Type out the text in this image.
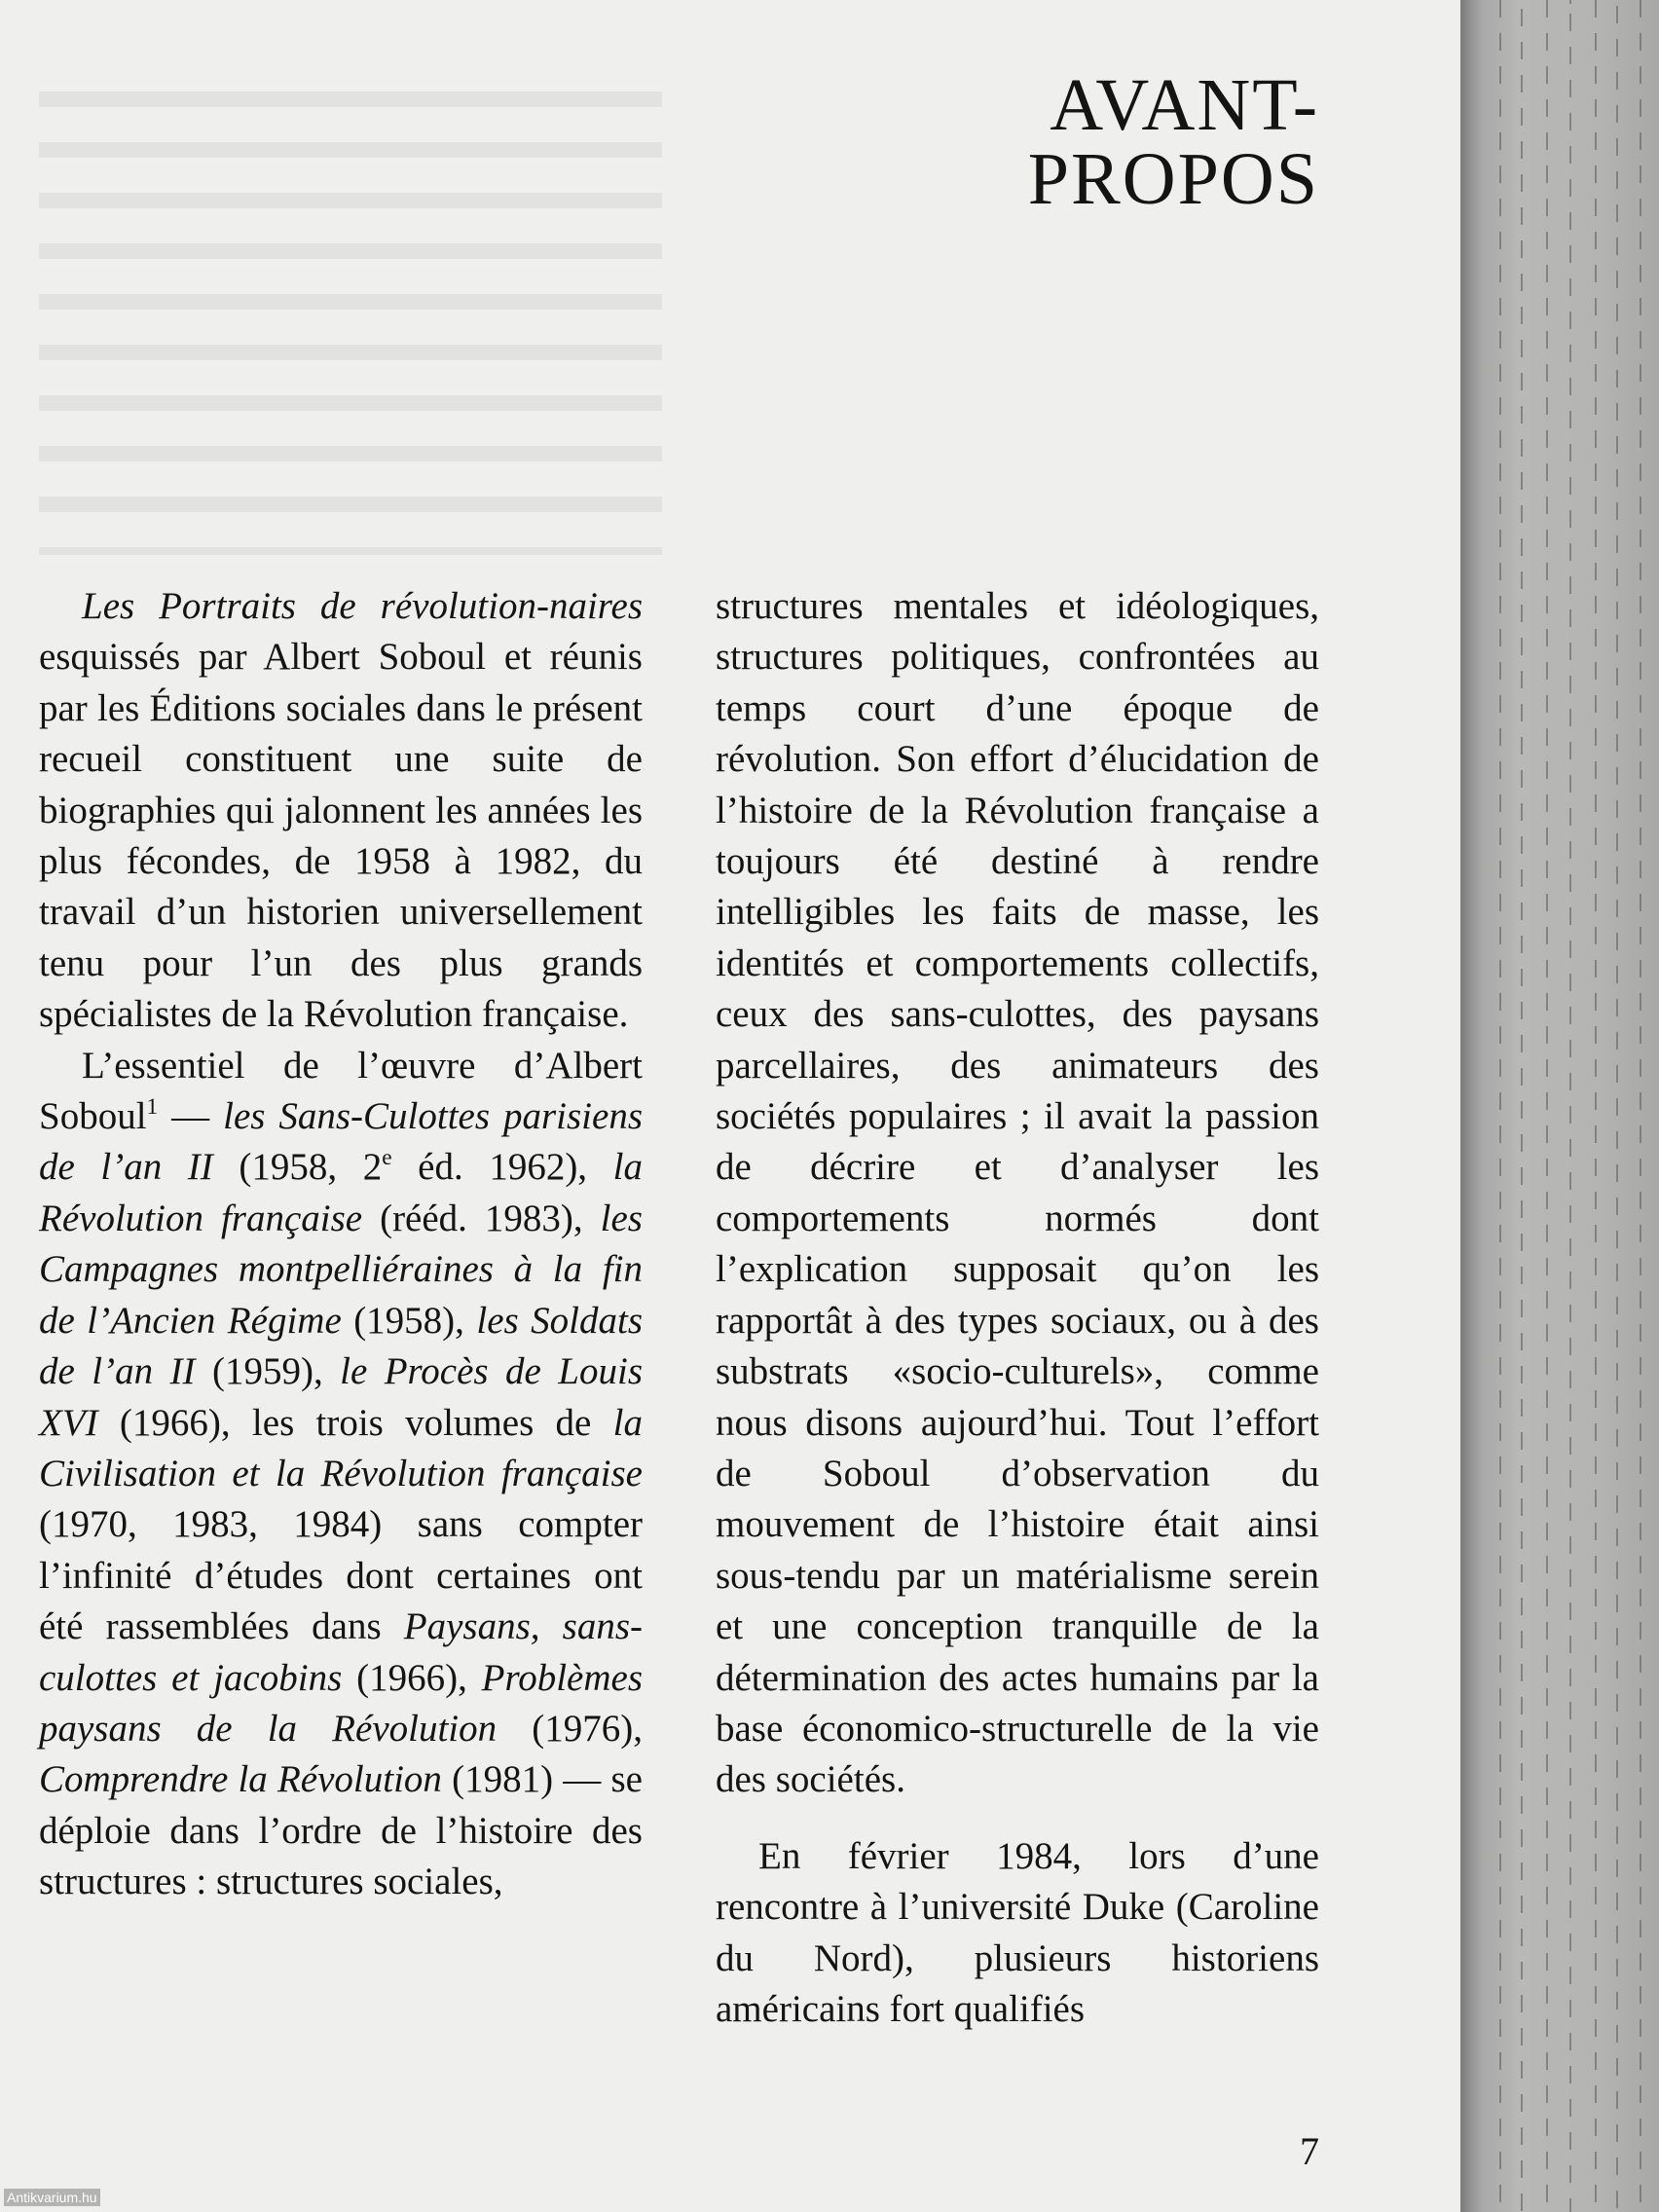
AVANT-PROPOS

Les Portraits de révolution-naires esquissés par Albert Soboul et réunis par les Éditions sociales dans le présent recueil constituent une suite de biographies qui jalonnent les années les plus fécondes, de 1958 à 1982, du travail d’un historien universellement tenu pour l’un des plus grands spécialistes de la Révolution française.

L’essentiel de l’œuvre d’Albert Soboul$^1$ — les Sans-Culottes parisiens de l’an II (1958, 2e éd. 1962), la Révolution française (rééd. 1983), les Campagnes montpelliéraines à la fin de l’Ancien Régime (1958), les Soldats de l’an II (1959), le Procès de Louis XVI (1966), les trois volumes de la Civilisation et la Révolution française (1970, 1983, 1984) sans compter l’infinité d’études dont certaines ont été rassemblées dans Paysans, sans-culottes et jacobins (1966), Problèmes paysans de la Révolution (1976), Comprendre la Révolution (1981) — se déploie dans l’ordre de l’histoire des structures : structures sociales,

structures mentales et idéologiques, structures politiques, confrontées au temps court d’une époque de révolution. Son effort d’élucidation de l’histoire de la Révolution française a toujours été destiné à rendre intelligibles les faits de masse, les identités et comportements collectifs, ceux des sans-culottes, des paysans parcellaires, des animateurs des sociétés populaires ; il avait la passion de décrire et d’analyser les comportements normés dont l’explication supposait qu’on les rapportât à des types sociaux, ou à des substrats «socio-culturels», comme nous disons aujourd’hui. Tout l’effort de Soboul d’observation du mouvement de l’histoire était ainsi sous-tendu par un matérialisme serein et une conception tranquille de la détermination des actes humains par la base économico-structurelle de la vie des sociétés.

En février 1984, lors d’une rencontre à l’université Duke (Caroline du Nord), plusieurs historiens américains fort qualifiés

7
Antikvarium.hu
